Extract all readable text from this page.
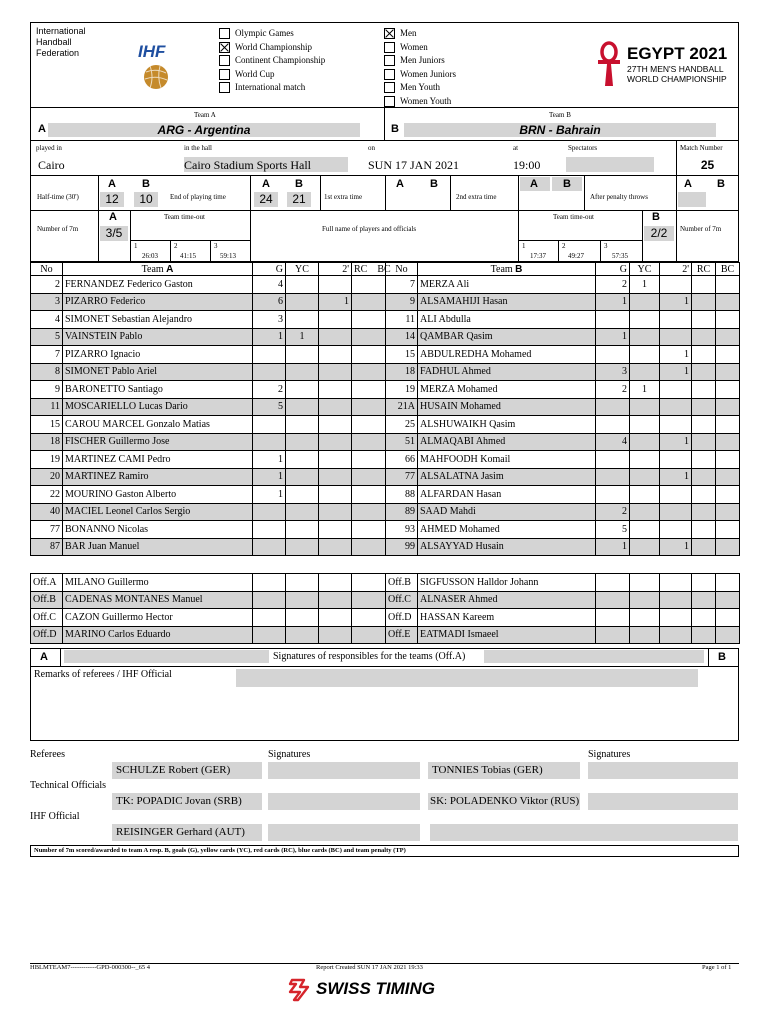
International Handball Federation	IHF
Olympic Games
World Championship
Continent Championship
World Cup
International match
Men
Women
Men Juniors
Women Juniors
Men Youth
Women Youth
EGYPT 2021
27TH MEN'S HANDBALL
WORLD CHAMPIONSHIP
Team A	Team B
A	B
ARG - Argentina	BRN - Bahrain
played in	in the hall	on	at	Spectators	Match Number
Cairo	Cairo Stadium Sports Hall	SUN 17 JAN 2021	19:00	25
Half-time (30')
A B
12	10	End of playing time
A B
24	21	1st extra time
A B
2nd extra time
A B
After penalty throws
A B
Number of 7m
A
3/5
Team time-out
Full name of players and officials
Team time-out	B
2/2	Number of 7m
1
26:03
2
41:15
3
59:13
1
17:37
2
49:27
3
57:35
No	Team A	G	YC	2'	RC BC
2	FERNANDEZ Federico Gaston	4			
3	PIZARRO Federico	6		1	
4	SIMONET Sebastian Alejandro	3			
5	VAINSTEIN Pablo	1	1		
7	PIZARRO Ignacio				
8	SIMONET Pablo Ariel				
9	BARONETTO Santiago	2			
11	MOSCARIELLO Lucas Dario	5			
15	CAROU MARCEL Gonzalo Matias				
18	FISCHER Guillermo Jose				
19	MARTINEZ CAMI Pedro	1			
20	MARTINEZ Ramiro	1			
22	MOURINO Gaston Alberto	1			
40	MACIEL Leonel Carlos Sergio				
77	BONANNO Nicolas				
87	BAR Juan Manuel				
No	Team B	G	YC	2'	RC	BC
7	MERZA Ali	2	1			
9	ALSAMAHIJI Hasan	1		1		
11	ALI Abdulla					
14	QAMBAR Qasim	1				
15	ABDULREDHA Mohamed			1		
18	FADHUL Ahmed	3		1		
19	MERZA Mohamed	2	1			
21A	HUSAIN Mohamed					
25	ALSHUWAIKH Qasim					
51	ALMAQABI Ahmed	4		1		
66	MAHFOODH Komail					
77	ALSALATNA Jasim			1		
88	ALFARDAN Hasan					
89	SAAD Mahdi	2				
93	AHMED Mohamed	5				
99	ALSAYYAD Husain	1		1		
Off.A	MILANO Guillermo				
Off.B	CADENAS MONTANES Manuel				
Off.C	CAZON Guillermo Hector				
Off.D	MARINO Carlos Eduardo				
Off.B	SIGFUSSON Halldor Johann					
Off.C	ALNASER Ahmed					
Off.D	HASSAN Kareem					
Off.E	EATMADI Ismaeel					
A	B
Signatures of responsibles for the teams (Off.A)
Remarks of referees / IHF Official
Referees	Signatures	Signatures
SCHULZE Robert (GER)	TONNIES Tobias (GER)
Technical Officials
TK: POPADIC Jovan (SRB)	SK: POLADENKO Viktor (RUS)
IHF Official
REISINGER Gerhard (AUT)
Number of 7m scored/awarded to team A resp. B, goals (G), yellow cards (YC), red cards (RC), blue cards (BC) and team penalty (TP)
HBLMTEAM7------------GPD-000300--_65 4	Report Created SUN 17 JAN 2021 19:33	Page 1 of 1
SWISS TIMING
